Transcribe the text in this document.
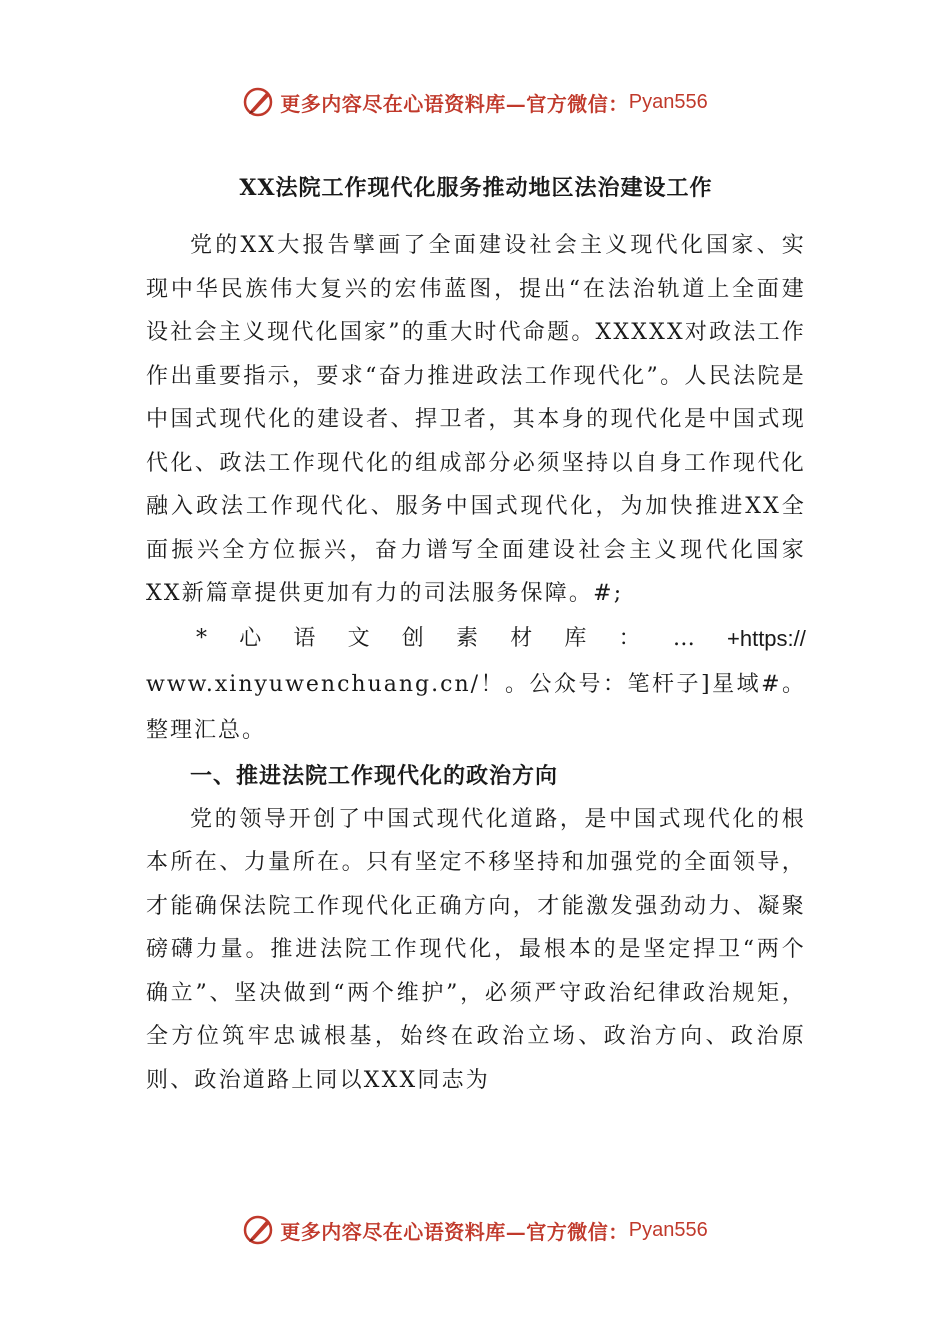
更多内容尽在心语资料库—官方微信： Pyan556

XX法院工作现代化服务推动地区法治建设工作

党的XX大报告擘画了全面建设社会主义现代化国家、实现中华民族伟大复兴的宏伟蓝图，提出“在法治轨道上全面建设社会主义现代化国家”的重大时代命题。XXXXX对政法工作作出重要指示，要求“奋力推进政法工作现代化”。人民法院是中国式现代化的建设者、捍卫者，其本身的现代化是中国式现代化、政法工作现代化的组成部分必须坚持以自身工作现代化融入政法工作现代化、服务中国式现代化，为加快推进XX全面振兴全方位振兴，奋力谱写全面建设社会主义现代化国家XX新篇章提供更加有力的司法服务保障。#;

* 心 语 文 创 素 材 库 ： … +https://
www.xinyuwenchuang.cn/！。公众号：笔杆子]星域#。整理汇总。

一、推进法院工作现代化的政治方向

党的领导开创了中国式现代化道路，是中国式现代化的根本所在、力量所在。只有坚定不移坚持和加强党的全面领导，才能确保法院工作现代化正确方向，才能激发强劲动力、凝聚磅礴力量。推进法院工作现代化，最根本的是坚定捍卫“两个确立”、坚决做到“两个维护”，必须严守政治纪律政治规矩，全方位筑牢忠诚根基，始终在政治立场、政治方向、政治原则、政治道路上同以XXX同志为

更多内容尽在心语资料库—官方微信： Pyan556
